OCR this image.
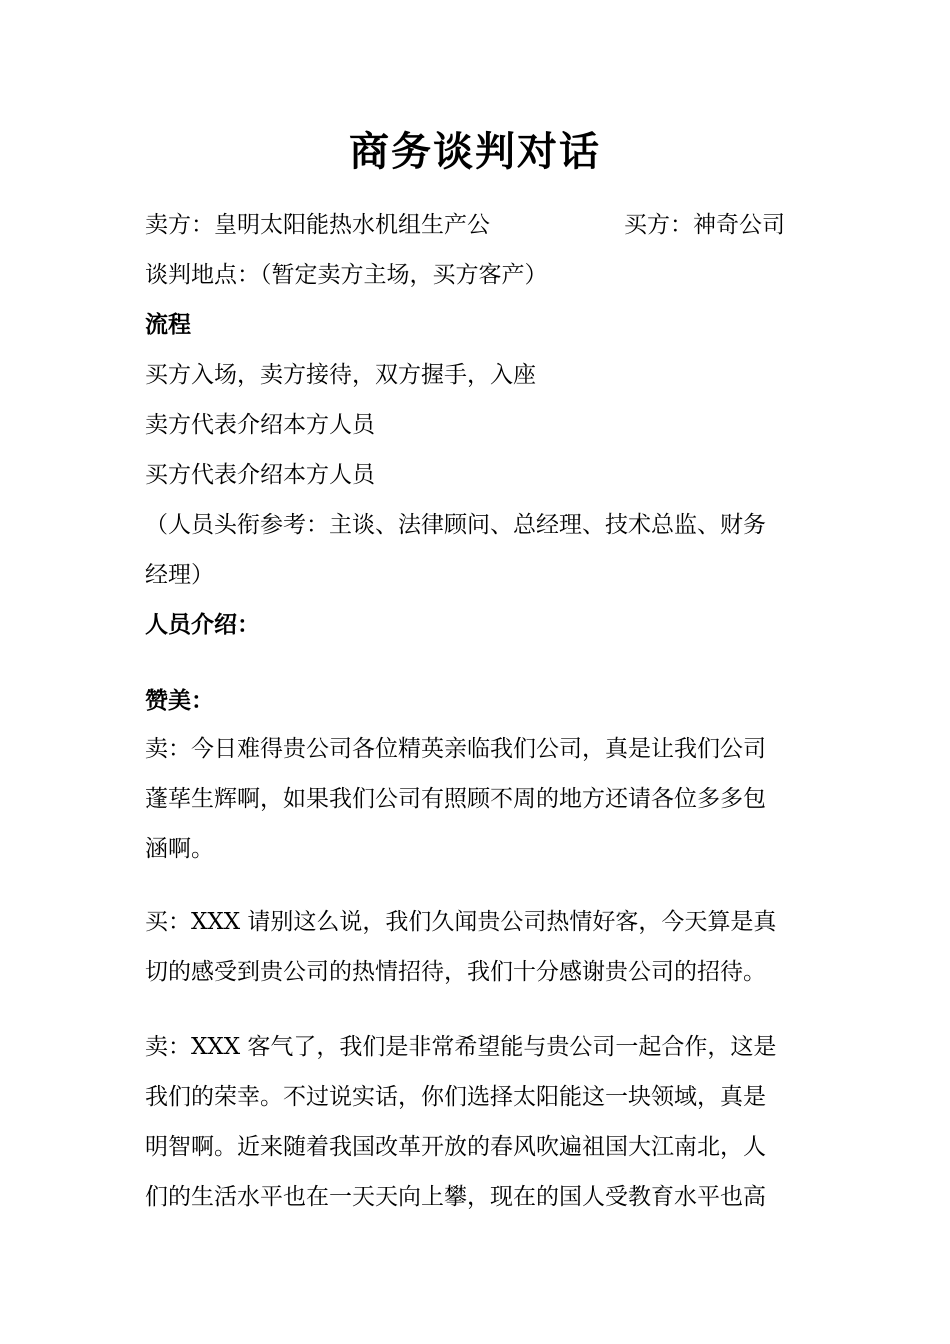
商务谈判对话
卖方：皇明太阳能热水机组生产公	买方：神奇公司
谈判地点：（暂定卖方主场，买方客产）
流程
买方入场，卖方接待，双方握手，入座
卖方代表介绍本方人员
买方代表介绍本方人员
（人员头衔参考：主谈、法律顾问、总经理、技术总监、财务
经理）
人员介绍：
赞美：
卖：今日难得贵公司各位精英亲临我们公司，真是让我们公司
蓬荜生辉啊，如果我们公司有照顾不周的地方还请各位多多包
涵啊。
买：XXX 请别这么说，我们久闻贵公司热情好客，今天算是真
切的感受到贵公司的热情招待，我们十分感谢贵公司的招待。
卖：XXX 客气了，我们是非常希望能与贵公司一起合作，这是
我们的荣幸。不过说实话，你们选择太阳能这一块领域，真是
明智啊。近来随着我国改革开放的春风吹遍祖国大江南北，人
们的生活水平也在一天天向上攀，现在的国人受教育水平也高
